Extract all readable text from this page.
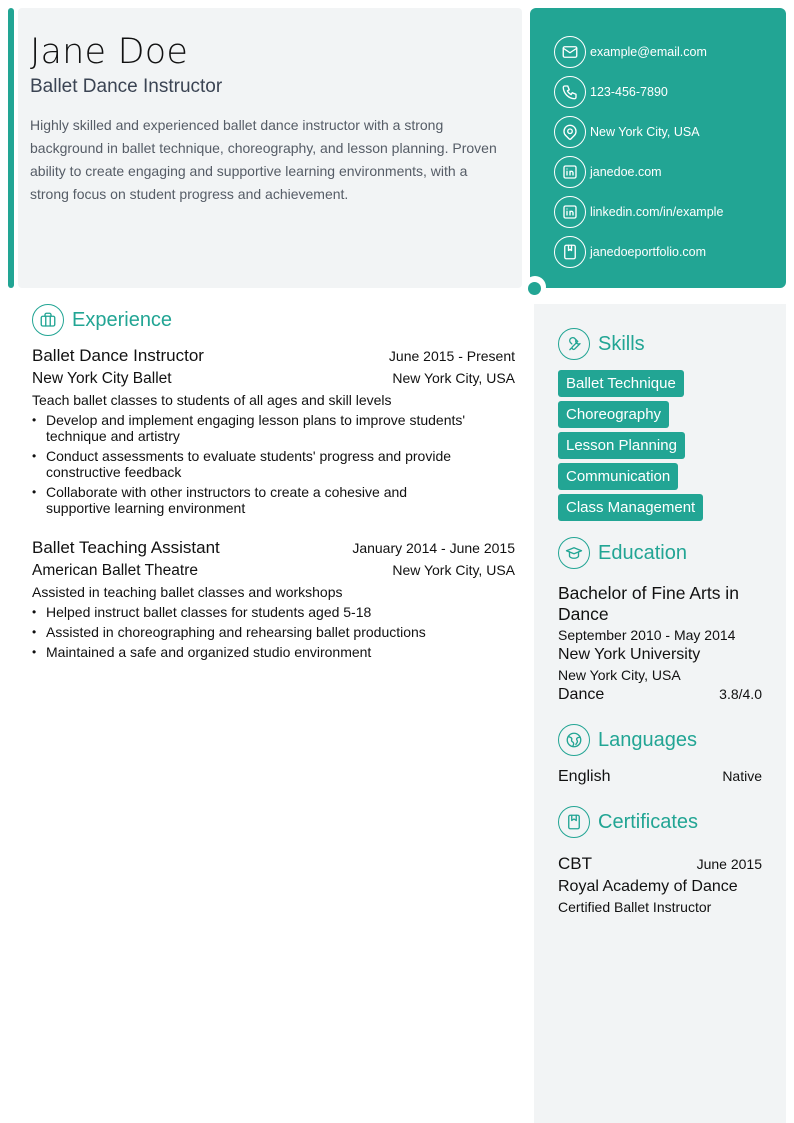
Jane Doe
Ballet Dance Instructor
Highly skilled and experienced ballet dance instructor with a strong background in ballet technique, choreography, and lesson planning. Proven ability to create engaging and supportive learning environments, with a strong focus on student progress and achievement.
example@email.com
123-456-7890
New York City, USA
janedoe.com
linkedin.com/in/example
janedoeportfolio.com
Experience
Ballet Dance Instructor	June 2015 - Present
New York City Ballet	New York City, USA
Teach ballet classes to students of all ages and skill levels
• Develop and implement engaging lesson plans to improve students' technique and artistry
• Conduct assessments to evaluate students' progress and provide constructive feedback
• Collaborate with other instructors to create a cohesive and supportive learning environment
Ballet Teaching Assistant	January 2014 - June 2015
American Ballet Theatre	New York City, USA
Assisted in teaching ballet classes and workshops
• Helped instruct ballet classes for students aged 5-18
• Assisted in choreographing and rehearsing ballet productions
• Maintained a safe and organized studio environment
Skills
Ballet Technique
Choreography
Lesson Planning
Communication
Class Management
Education
Bachelor of Fine Arts in Dance
September 2010 - May 2014
New York University
New York City, USA
Dance	3.8/4.0
Languages
English	Native
Certificates
CBT	June 2015
Royal Academy of Dance
Certified Ballet Instructor
